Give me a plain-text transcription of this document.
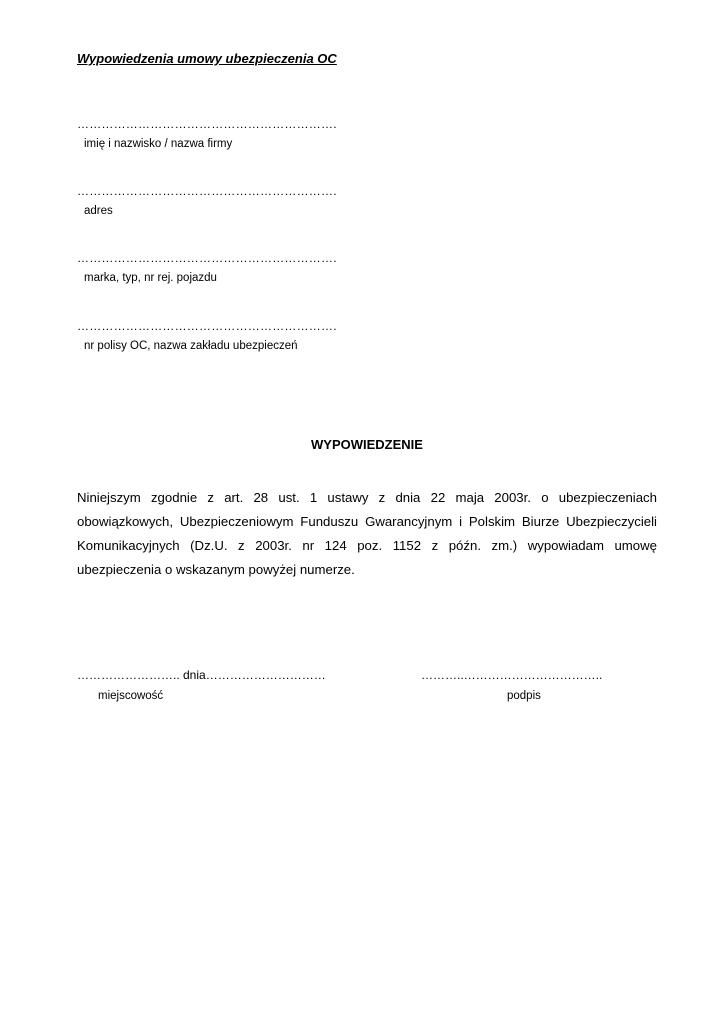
Wypowiedzenia umowy ubezpieczenia OC
……………………………………………………….
imię i nazwisko / nazwa firmy
……………………………………………………….
adres
……………………………………………………….
marka, typ, nr rej. pojazdu
……………………………………………………….
nr polisy OC, nazwa zakładu ubezpieczeń
WYPOWIEDZENIE
Niniejszym zgodnie z art. 28 ust. 1 ustawy z dnia 22 maja 2003r. o ubezpieczeniach obowiązkowych, Ubezpieczeniowym Funduszu Gwarancyjnym i Polskim Biurze Ubezpieczycieli Komunikacyjnych (Dz.U. z 2003r. nr 124 poz. 1152 z późn. zm.) wypowiadam umowę ubezpieczenia o wskazanym powyżej numerze.
…………………….. dnia…………………………
miejscowość
………..……………………………..
podpis
